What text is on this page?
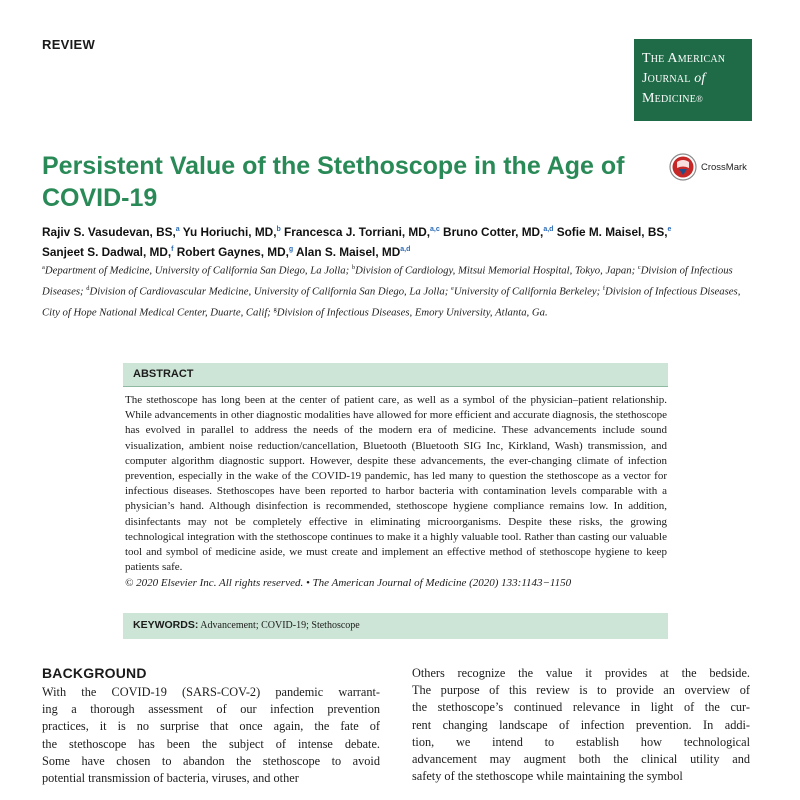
REVIEW
The American
Journal of
Medicine®
Persistent Value of the Stethoscope in the Age of COVID-19
CrossMark
Rajiv S. Vasudevan, BS,$^a$ Yu Horiuchi, MD,$^b$ Francesca J. Torriani, MD,$^{a,c}$ Bruno Cotter, MD,$^{a,d}$ Sofie M. Maisel, BS,$^e$
Sanjeet S. Dadwal, MD,$^f$ Robert Gaynes, MD,$^g$ Alan S. Maisel, MD$^{a,d}$
$^a$Department of Medicine, University of California San Diego, La Jolla; $^b$Division of Cardiology, Mitsui Memorial Hospital, Tokyo, Japan; $^c$Division of Infectious Diseases; $^d$Division of Cardiovascular Medicine, University of California San Diego, La Jolla; $^e$University of California Berkeley; $^f$Division of Infectious Diseases, City of Hope National Medical Center, Duarte, Calif; $^g$Division of Infectious Diseases, Emory University, Atlanta, Ga.
ABSTRACT

The stethoscope has long been at the center of patient care, as well as a symbol of the physician–patient relationship. While advancements in other diagnostic modalities have allowed for more efficient and accurate diagnosis, the stethoscope has evolved in parallel to address the needs of the modern era of medicine. These advancements include sound visualization, ambient noise reduction/cancellation, Bluetooth (Bluetooth SIG Inc, Kirkland, Wash) transmission, and computer algorithm diagnostic support. However, despite these advancements, the ever-changing climate of infection prevention, especially in the wake of the COVID-19 pandemic, has led many to question the stethoscope as a vector for infectious diseases. Stethoscopes have been reported to harbor bacteria with contamination levels comparable with a physician’s hand. Although disinfection is recommended, stethoscope hygiene compliance remains low. In addition, disinfectants may not be completely effective in eliminating microorganisms. Despite these risks, the growing technological integration with the stethoscope continues to make it a highly valuable tool. Rather than casting our valuable tool and symbol of medicine aside, we must create and implement an effective method of stethoscope hygiene to keep patients safe.

© 2020 Elsevier Inc. All rights reserved. • The American Journal of Medicine (2020) 133:1143−1150
KEYWORDS: Advancement; COVID-19; Stethoscope
BACKGROUND
With the COVID-19 (SARS-COV-2) pandemic warrant-
ing a thorough assessment of our infection prevention
practices, it is no surprise that once again, the fate of
the stethoscope has been the subject of intense debate.
Some have chosen to abandon the stethoscope to avoid
potential transmission of bacteria, viruses, and other
Others recognize the value it provides at the bedside.
The purpose of this review is to provide an overview of
the stethoscope’s continued relevance in light of the cur-
rent changing landscape of infection prevention. In addi-
tion, we intend to establish how technological
advancement may augment both the clinical utility and
safety of the stethoscope while maintaining the symbol
